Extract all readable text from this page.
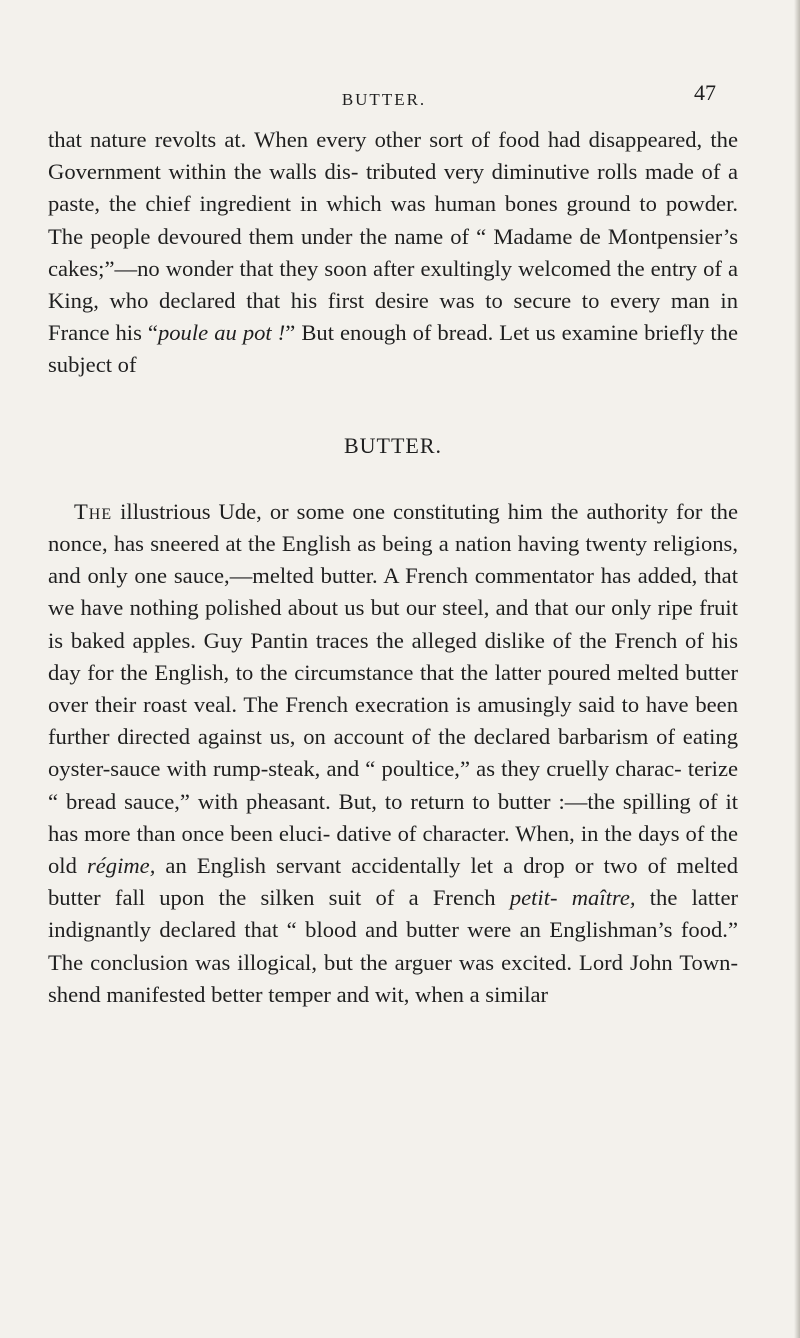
BUTTER.	47

that nature revolts at. When every other sort of food had disappeared, the Government within the walls dis- tributed very diminutive rolls made of a paste, the chief ingredient in which was human bones ground to powder. The people devoured them under the name of “ Madame de Montpensier’s cakes;”—no wonder that they soon after exultingly welcomed the entry of a King, who declared that his first desire was to secure to every man in France his “poule au pot !” But enough of bread. Let us examine briefly the subject of

BUTTER.

The illustrious Ude, or some one constituting him the authority for the nonce, has sneered at the English as being a nation having twenty religions, and only one sauce,—melted butter. A French commentator has added, that we have nothing polished about us but our steel, and that our only ripe fruit is baked apples. Guy Pantin traces the alleged dislike of the French of his day for the English, to the circumstance that the latter poured melted butter over their roast veal. The French execration is amusingly said to have been further directed against us, on account of the declared barbarism of eating oyster-sauce with rump-steak, and “ poultice,” as they cruelly charac- terize “ bread sauce,” with pheasant. But, to return to butter :—the spilling of it has more than once been eluci- dative of character. When, in the days of the old régime, an English servant accidentally let a drop or two of melted butter fall upon the silken suit of a French petit- maître, the latter indignantly declared that “ blood and butter were an Englishman’s food.” The conclusion was illogical, but the arguer was excited. Lord John Town- shend manifested better temper and wit, when a similar
